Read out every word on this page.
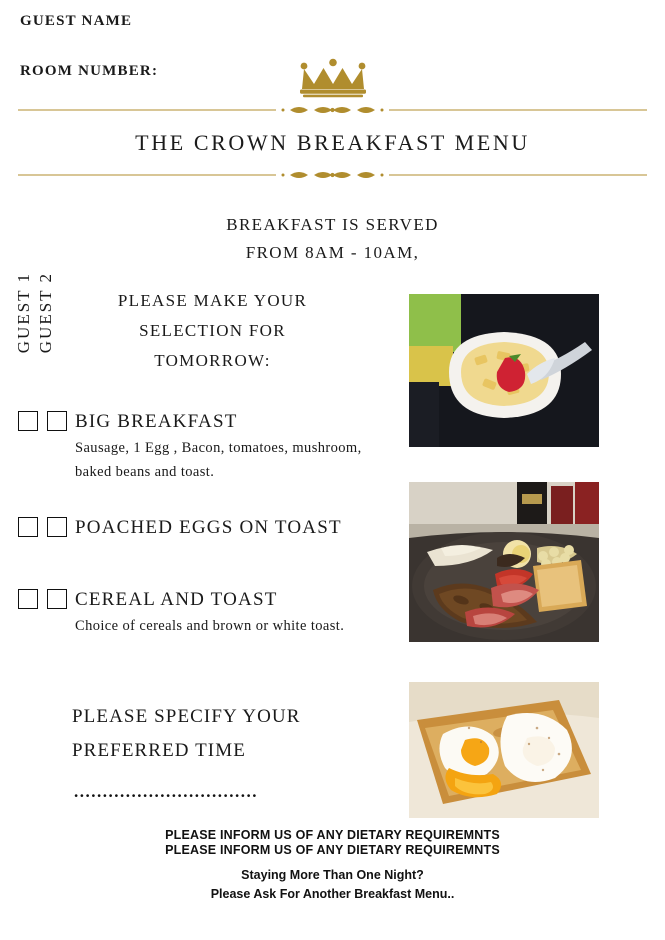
GUEST NAME
ROOM NUMBER:
THE CROWN BREAKFAST MENU
BREAKFAST IS SERVED
FROM 8AM - 10AM,
GUEST 2
GUEST 1	PLEASE MAKE YOUR SELECTION FOR TOMORROW:
BIG BREAKFAST
Sausage, 1 Egg , Bacon, tomatoes, mushroom, baked beans and toast.
POACHED EGGS ON TOAST
CEREAL AND TOAST
Choice of cereals and brown or white toast.
PLEASE SPECIFY YOUR PREFERRED TIME
................................
PLEASE INFORM US OF ANY DIETARY REQUIREMNTS
PLEASE INFORM US OF ANY DIETARY REQUIREMNTS
Staying More Than One Night?
Please Ask For Another Breakfast Menu..
